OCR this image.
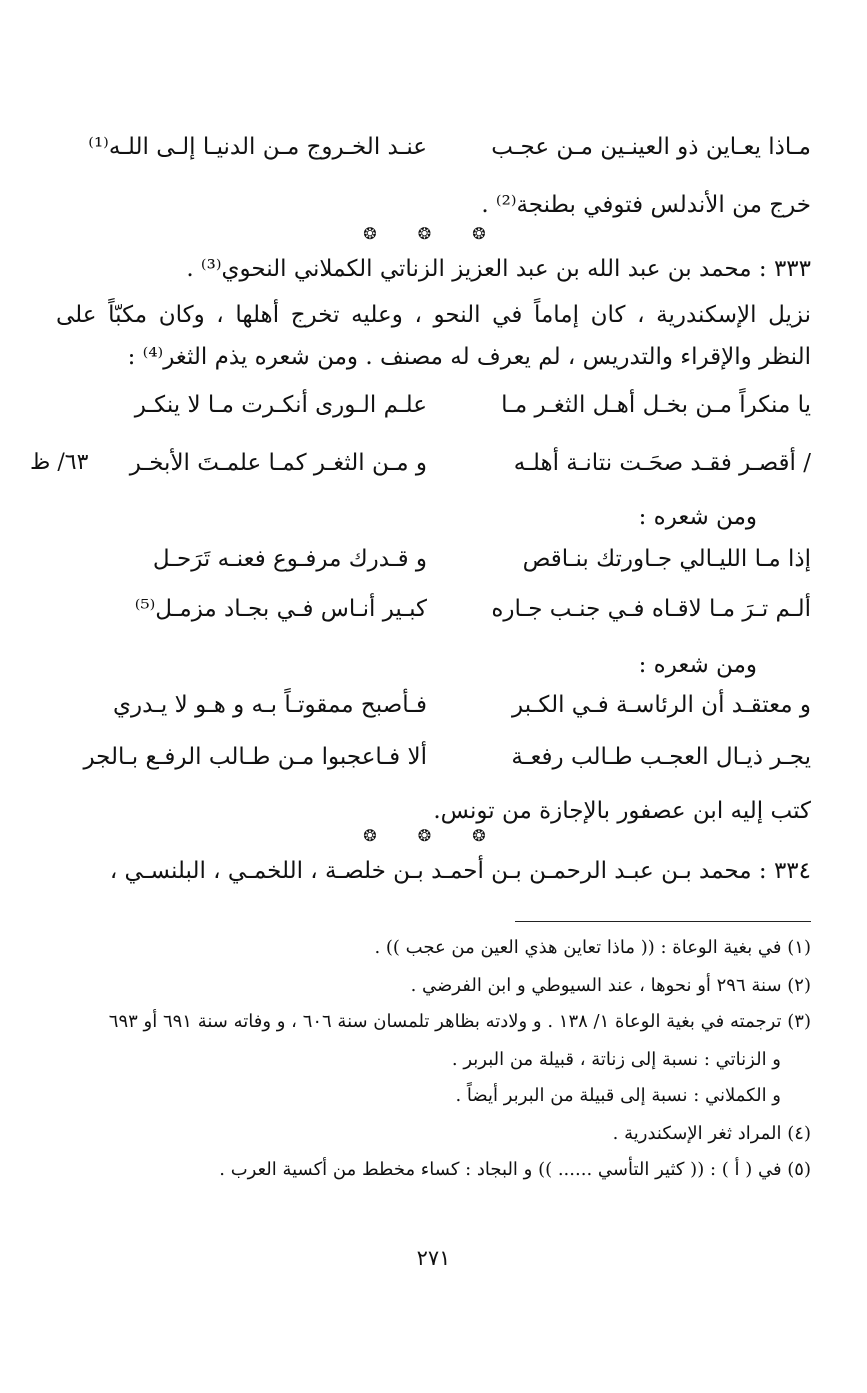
مـاذا يعـاين ذو العينـين مـن عجـب
عنـد الخـروج مـن الدنيـا إلـى اللـه⁽¹⁾
خرج من الأندلس فتوفي بطنجة⁽²⁾ .
❂ ❂ ❂
٣٣٣ : محمد بن عبد الله بن عبد العزيز الزناتي الكملاني النحوي⁽³⁾ .
نزيل الإسكندرية ، كان إماماً في النحو ، وعليه تخرج أهلها ، وكان مكبّاً على
النظر والإقراء والتدريس ، لم يعرف له مصنف . ومن شعره يذم الثغر⁽⁴⁾ :
يا منكراً مـن بخـل أهـل الثغـر مـا
علـم الـورى أنكـرت مـا لا ينكـر
/ أقصـر فقـد صحَـت نتانـة أهلـه
و مـن الثغـر كمـا علمـتَ الأبخـر
٦٣/ ظ
ومن شعره :
إذا مـا الليـالي جـاورتك بنـاقص
و قـدرك مرفـوع فعنـه تَرَحـل
ألـم تـرَ مـا لاقـاه فـي جنـب جـاره
كبـير أنـاس فـي بجـاد مزمـل⁽⁵⁾
ومن شعره :
و معتقـد أن الرئاسـة فـي الكـبر
فـأصبح ممقوتـاً بـه و هـو لا يـدري
يجـر ذيـال العجـب طـالب رفعـة
ألا فـاعجبوا مـن طـالب الرفـع بـالجر
كتب إليه ابن عصفور بالإجازة من تونس.
❂ ❂ ❂
٣٣٤ : محمد بـن عبـد الرحمـن بـن أحمـد بـن خلصـة ، اللخمـي ، البلنسـي ،
(١) في بغية الوعاة : (( ماذا تعاين هذي العين من عجب )) .
(٢) سنة ٢٩٦ أو نحوها ، عند السيوطي و ابن الفرضي .
(٣) ترجمته في بغية الوعاة ١/ ١٣٨ . و ولادته بظاهر تلمسان سنة ٦٠٦ ، و وفاته سنة ٦٩١ أو ٦٩٣
و الزناتي : نسبة إلى زناتة ، قبيلة من البربر .
و الكملاني : نسبة إلى قبيلة من البربر أيضاً .
(٤) المراد ثغر الإسكندرية .
(٥) في ( أ ) : (( كثير التأسي ...... )) و البجاد : كساء مخطط من أكسية العرب .
٢٧١
